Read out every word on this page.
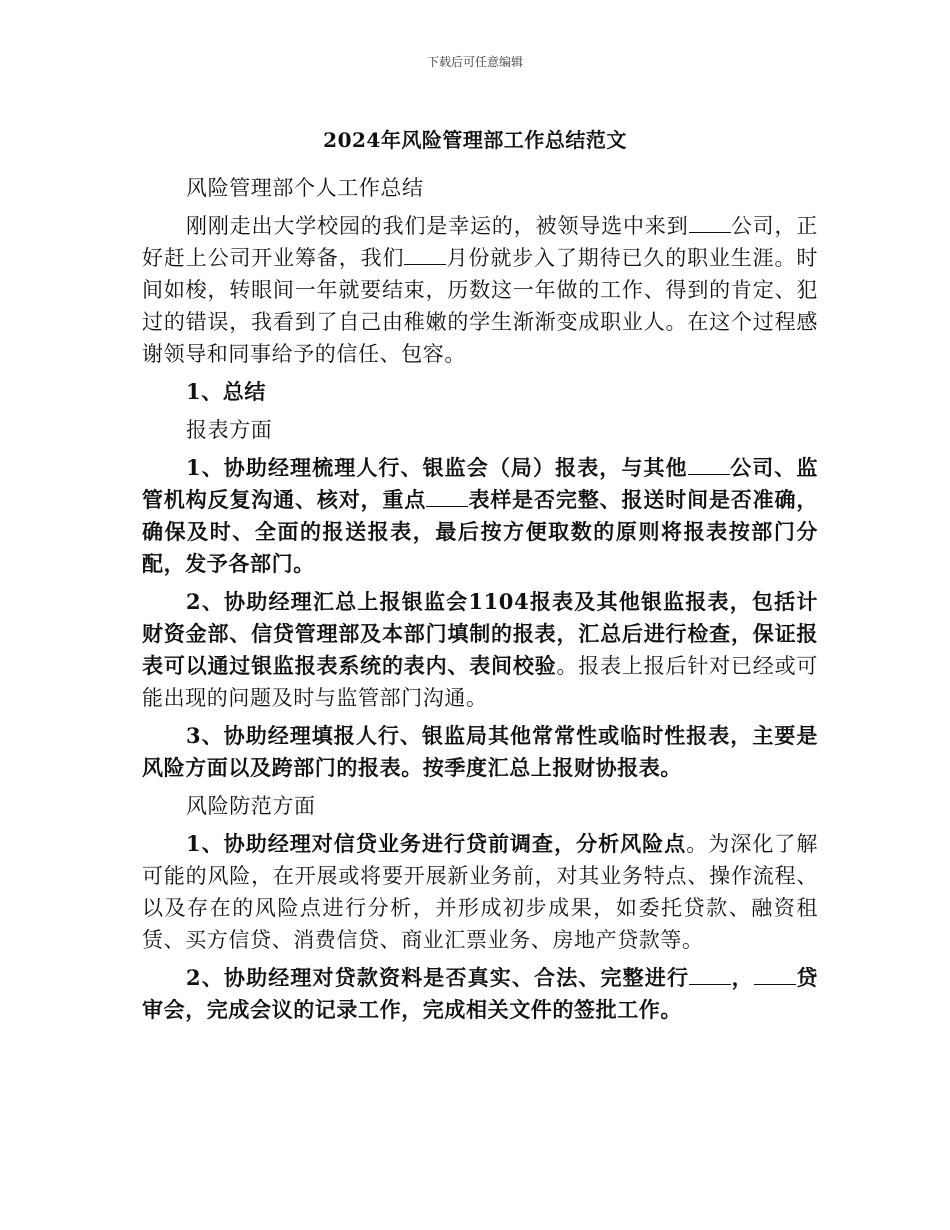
下载后可任意编辑
2024年风险管理部工作总结范文

风险管理部个人工作总结

刚刚走出大学校园的我们是幸运的，被领导选中来到 公司，正好赶上公司开业筹备，我们 月份就步入了期待已久的职业生涯。时间如梭，转眼间一年就要结束，历数这一年做的工作、得到的肯定、犯过的错误，我看到了自己由稚嫩的学生渐渐变成职业人。在这个过程感谢领导和同事给予的信任、包容。

1、总结

报表方面

1、协助经理梳理人行、银监会（局）报表，与其他 公司、监管机构反复沟通、核对，重点 表样是否完整、报送时间是否准确，确保及时、全面的报送报表，最后按方便取数的原则将报表按部门分配，发予各部门。

2、协助经理汇总上报银监会1104报表及其他银监报表，包括计财资金部、信贷管理部及本部门填制的报表，汇总后进行检查，保证报表可以通过银监报表系统的表内、表间校验。报表上报后针对已经或可能出现的问题及时与监管部门沟通。

3、协助经理填报人行、银监局其他常常性或临时性报表，主要是风险方面以及跨部门的报表。按季度汇总上报财协报表。

风险防范方面

1、协助经理对信贷业务进行贷前调查，分析风险点。为深化了解可能的风险，在开展或将要开展新业务前，对其业务特点、操作流程、以及存在的风险点进行分析，并形成初步成果，如委托贷款、融资租赁、买方信贷、消费信贷、商业汇票业务、房地产贷款等。

2、协助经理对贷款资料是否真实、合法、完整进行 ， 贷审会，完成会议的记录工作，完成相关文件的签批工作。
